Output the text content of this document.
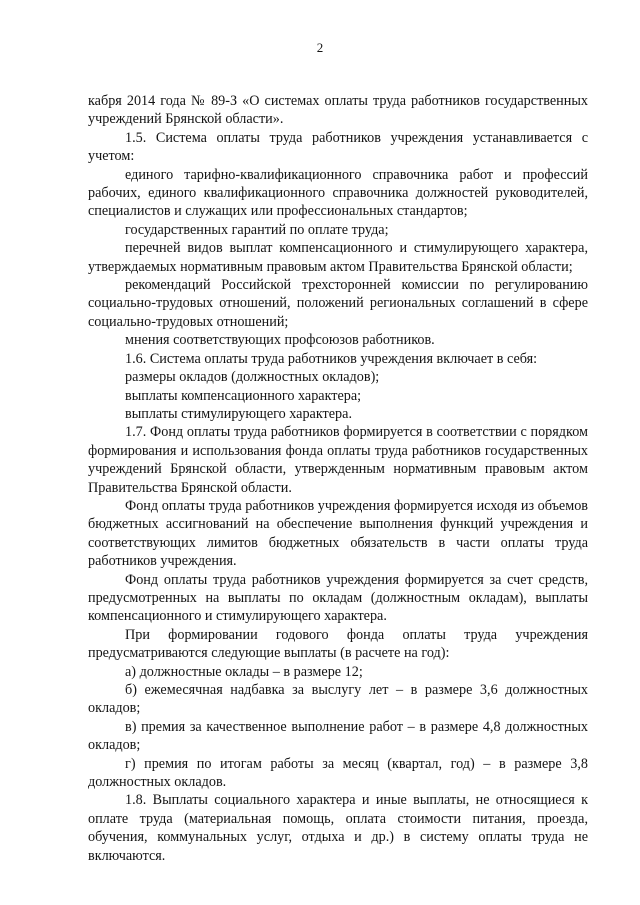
2

кабря 2014 года № 89-З «О системах оплаты труда работников государственных учреждений Брянской области».

1.5. Система оплаты труда работников учреждения устанавливается с учетом:

единого тарифно-квалификационного справочника работ и профессий рабочих, единого квалификационного справочника должностей руководителей, специалистов и служащих или профессиональных стандартов;

государственных гарантий по оплате труда;

перечней видов выплат компенсационного и стимулирующего характера, утверждаемых нормативным правовым актом Правительства Брянской области;

рекомендаций Российской трехсторонней комиссии по регулированию социально-трудовых отношений, положений региональных соглашений в сфере социально-трудовых отношений;

мнения соответствующих профсоюзов работников.

1.6. Система оплаты труда работников учреждения включает в себя:

размеры окладов (должностных окладов);

выплаты компенсационного характера;

выплаты стимулирующего характера.

1.7. Фонд оплаты труда работников формируется в соответствии с порядком формирования и использования фонда оплаты труда работников государственных учреждений Брянской области, утвержденным нормативным правовым актом Правительства Брянской области.

Фонд оплаты труда работников учреждения формируется исходя из объемов бюджетных ассигнований на обеспечение выполнения функций учреждения и соответствующих лимитов бюджетных обязательств в части оплаты труда работников учреждения.

Фонд оплаты труда работников учреждения формируется за счет средств, предусмотренных на выплаты по окладам (должностным окладам), выплаты компенсационного и стимулирующего характера.

При формировании годового фонда оплаты труда учреждения предусматриваются следующие выплаты (в расчете на год):

а) должностные оклады – в размере 12;

б) ежемесячная надбавка за выслугу лет – в размере 3,6 должностных окладов;

в) премия за качественное выполнение работ – в размере 4,8 должностных окладов;

г) премия по итогам работы за месяц (квартал, год) – в размере 3,8 должностных окладов.

1.8. Выплаты социального характера и иные выплаты, не относящиеся к оплате труда (материальная помощь, оплата стоимости питания, проезда, обучения, коммунальных услуг, отдыха и др.) в систему оплаты труда не включаются.
